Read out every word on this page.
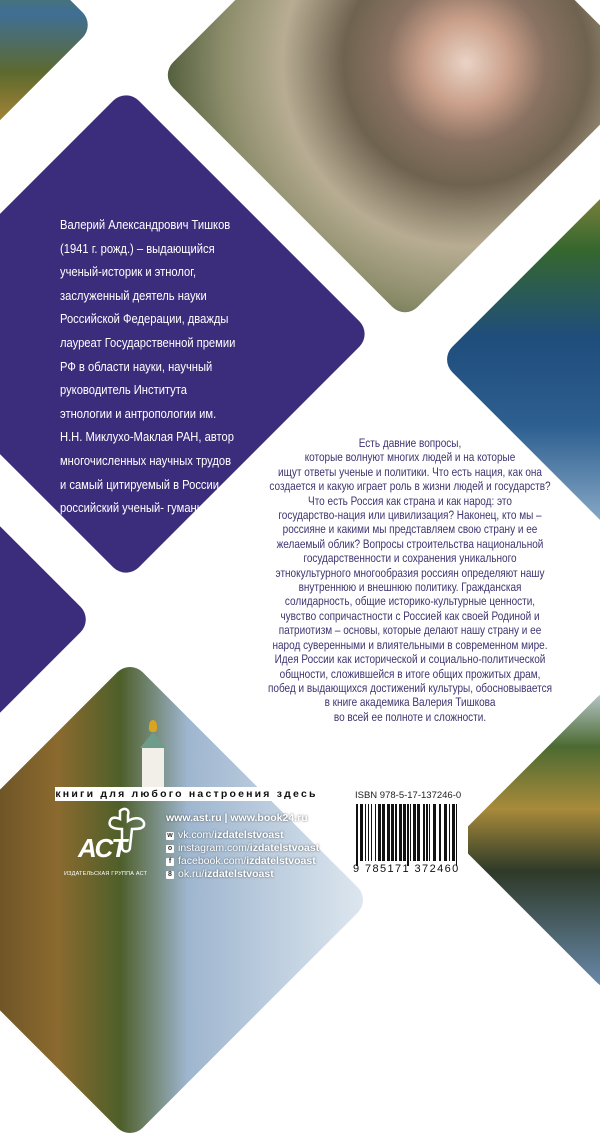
Валерий Александрович Тишков
(1941 г. рожд.) – выдающийся
ученый-историк и этнолог,
заслуженный деятель науки
Российской Федерации, дважды
лауреат Государственной премии
РФ в области науки, научный
руководитель Института
этнологии и антропологии им.
Н.Н. Миклухо-Маклая РАН, автор
многочисленных научных трудов
и самый цитируемый в России
российский ученый- гуманитарий.
Есть давние вопросы,
которые волнуют многих людей и на которые
ищут ответы ученые и политики. Что есть нация, как она
создается и какую играет роль в жизни людей и государств?
Что есть Россия как страна и как народ: это
государство-нация или цивилизация? Наконец, кто мы –
россияне и какими мы представляем свою страну и ее
желаемый облик? Вопросы строительства национальной
государственности и сохранения уникального
этнокультурного многообразия россиян определяют нашу
внутреннюю и внешнюю политику. Гражданская
солидарность, общие историко-культурные ценности,
чувство сопричастности с Россией как своей Родиной и
патриотизм – основы, которые делают нашу страну и ее
народ суверенными и влиятельными в современном мире.
Идея России как исторической и социально-политической
общности, сложившейся в итоге общих прожитых драм,
побед и выдающихся достижений культуры, обосновывается
в книге академика Валерия Тишкова
во всей ее полноте и сложности.
книги для любого настроения здесь
АСТ
ИЗДАТЕЛЬСКАЯ ГРУППА АСТ
www.ast.ru | www.book24.ru
w vk.com/ izdatelstvoast
o instagram.com/ izdatelstvoast
f facebook.com/ izdatelstvoast
8 ok.ru/ izdatelstvoast
ISBN 978-5-17-137246-0
9 785171 372460
